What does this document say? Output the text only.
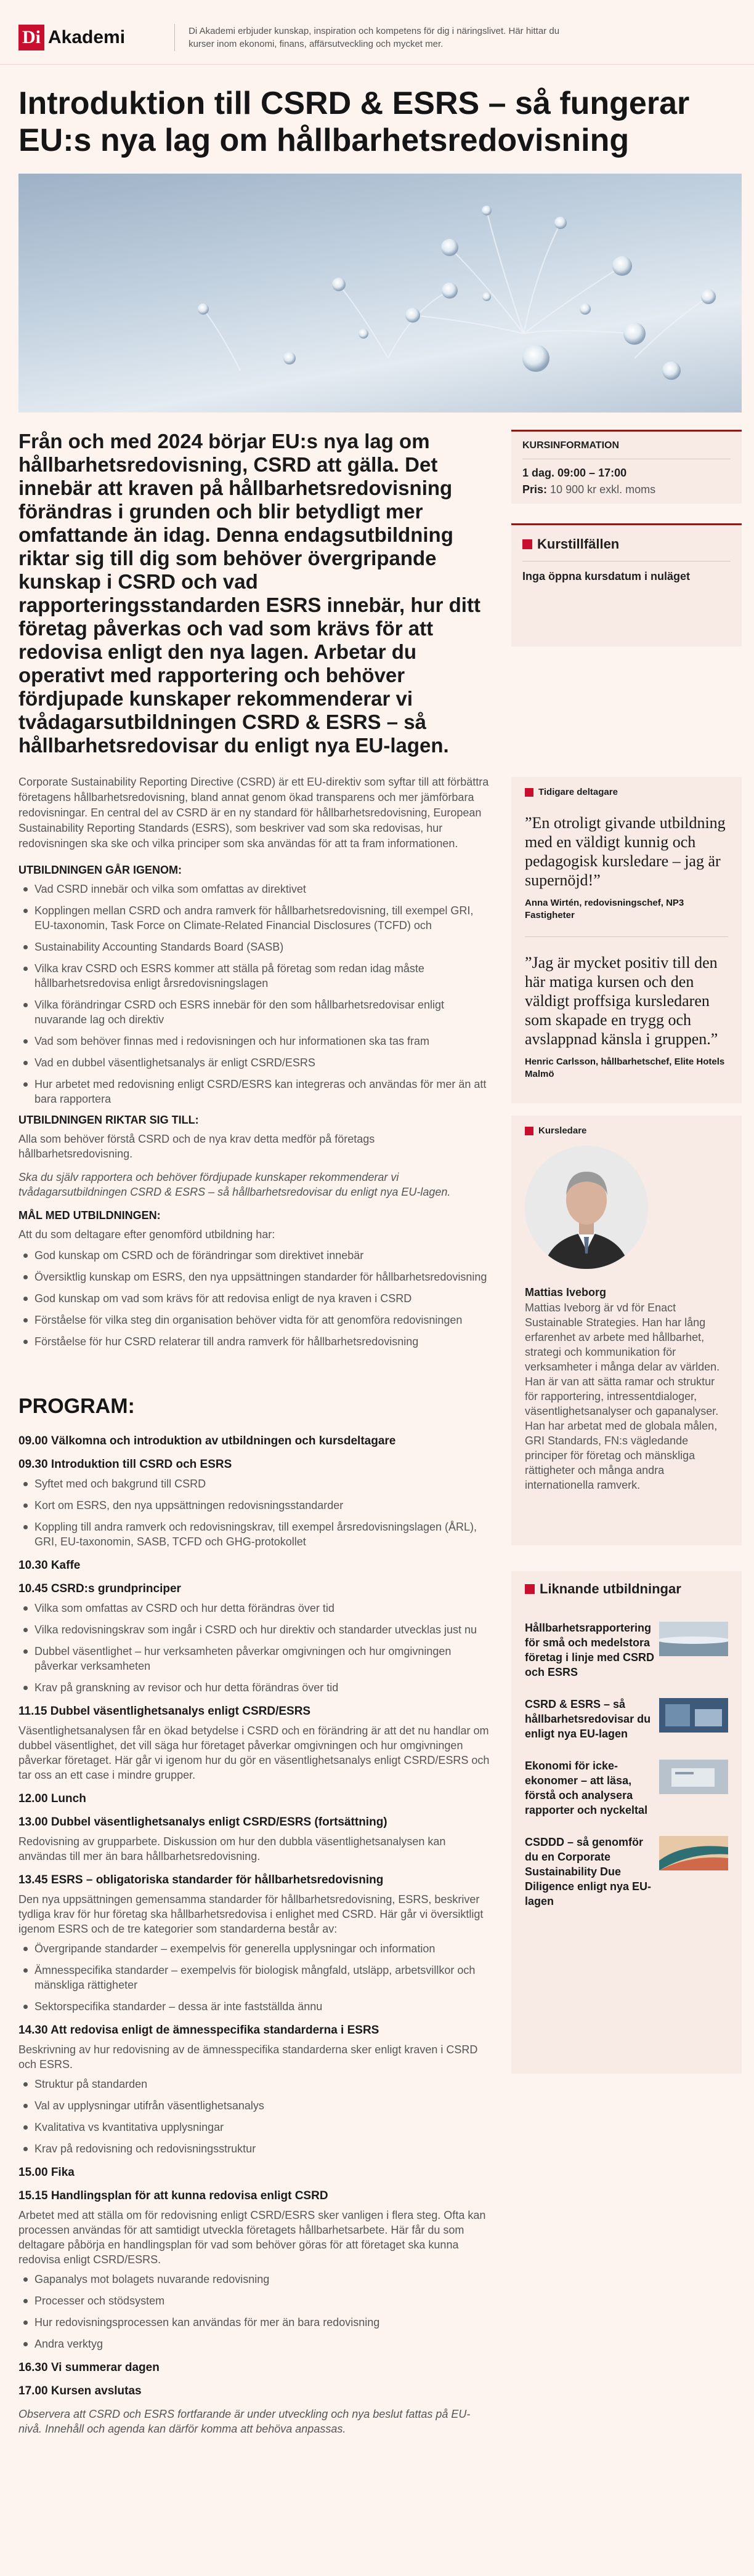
Di Akademi	Di Akademi erbjuder kunskap, inspiration och kompetens för dig i näringslivet. Här hittar du kurser inom ekonomi, finans, affärsutveckling och mycket mer.
Introduktion till CSRD & ESRS – så fungerar EU:s nya lag om hållbarhetsredovisning

Från och med 2024 börjar EU:s nya lag om hållbarhetsredovisning, CSRD att gälla. Det innebär att kraven på hållbarhetsredovisning förändras i grunden och blir betydligt mer omfattande än idag. Denna endagsutbildning riktar sig till dig som behöver övergripande kunskap i CSRD och vad rapporteringsstandarden ESRS innebär, hur ditt företag påverkas och vad som krävs för att redovisa enligt den nya lagen. Arbetar du operativt med rapportering och behöver fördjupade kunskaper rekommenderar vi tvådagarsutbildningen CSRD & ESRS – så hållbarhetsredovisar du enligt nya EU-lagen.

Corporate Sustainability Reporting Directive (CSRD) är ett EU-direktiv som syftar till att förbättra företagens hållbarhetsredovisning, bland annat genom ökad transparens och mer jämförbara redovisningar. En central del av CSRD är en ny standard för hållbarhetsredovisning, European Sustainability Reporting Standards (ESRS), som beskriver vad som ska redovisas, hur redovisningen ska ske och vilka principer som ska användas för att ta fram informationen.

UTBILDNINGEN GÅR IGENOM:
Vad CSRD innebär och vilka som omfattas av direktivet
Kopplingen mellan CSRD och andra ramverk för hållbarhetsredovisning, till exempel GRI, EU-taxonomin, Task Force on Climate-Related Financial Disclosures (TCFD) och
Sustainability Accounting Standards Board (SASB)
Vilka krav CSRD och ESRS kommer att ställa på företag som redan idag måste hållbarhetsredovisa enligt årsredovisningslagen
Vilka förändringar CSRD och ESRS innebär för den som hållbarhetsredovisar enligt nuvarande lag och direktiv
Vad som behöver finnas med i redovisningen och hur informationen ska tas fram
Vad en dubbel väsentlighetsanalys är enligt CSRD/ESRS
Hur arbetet med redovisning enligt CSRD/ESRS kan integreras och användas för mer än att bara rapportera
UTBILDNINGEN RIKTAR SIG TILL:

Alla som behöver förstå CSRD och de nya krav detta medför på företags hållbarhetsredovisning.

Ska du själv rapportera och behöver fördjupade kunskaper rekommenderar vi tvådagarsutbildningen CSRD & ESRS – så hållbarhetsredovisar du enligt nya EU-lagen.

MÅL MED UTBILDNINGEN:

Att du som deltagare efter genomförd utbildning har:

God kunskap om CSRD och de förändringar som direktivet innebär
Översiktlig kunskap om ESRS, den nya uppsättningen standarder för hållbarhetsredovisning
God kunskap om vad som krävs för att redovisa enligt de nya kraven i CSRD
Förståelse för vilka steg din organisation behöver vidta för att genomföra redovisningen
Förståelse för hur CSRD relaterar till andra ramverk för hållbarhetsredovisning
PROGRAM:
09.00 Välkomna och introduktion av utbildningen och kursdeltagare
09.30 Introduktion till CSRD och ESRS
Syftet med och bakgrund till CSRD
Kort om ESRS, den nya uppsättningen redovisningsstandarder
Koppling till andra ramverk och redovisningskrav, till exempel årsredovisningslagen (ÅRL), GRI, EU-taxonomin, SASB, TCFD och GHG-protokollet
10.30 Kaffe
10.45 CSRD:s grundprinciper
Vilka som omfattas av CSRD och hur detta förändras över tid
Vilka redovisningskrav som ingår i CSRD och hur direktiv och standarder utvecklas just nu
Dubbel väsentlighet – hur verksamheten påverkar omgivningen och hur omgivningen påverkar verksamheten
Krav på granskning av revisor och hur detta förändras över tid
11.15 Dubbel väsentlighetsanalys enligt CSRD/ESRS

Väsentlighetsanalysen får en ökad betydelse i CSRD och en förändring är att det nu handlar om dubbel väsentlighet, det vill säga hur företaget påverkar omgivningen och hur omgivningen påverkar företaget. Här går vi igenom hur du gör en väsentlighetsanalys enligt CSRD/ESRS och tar oss an ett case i mindre grupper.

12.00 Lunch
13.00 Dubbel väsentlighetsanalys enligt CSRD/ESRS (fortsättning)

Redovisning av grupparbete. Diskussion om hur den dubbla väsentlighetsanalysen kan användas till mer än bara hållbarhetsredovisning.

13.45 ESRS – obligatoriska standarder för hållbarhetsredovisning

Den nya uppsättningen gemensamma standarder för hållbarhetsredovisning, ESRS, beskriver tydliga krav för hur företag ska hållbarhetsredovisa i enlighet med CSRD. Här går vi översiktligt igenom ESRS och de tre kategorier som standarderna består av:

Övergripande standarder – exempelvis för generella upplysningar och information
Ämnesspecifika standarder – exempelvis för biologisk mångfald, utsläpp, arbetsvillkor och mänskliga rättigheter
Sektorspecifika standarder – dessa är inte fastställda ännu
14.30 Att redovisa enligt de ämnesspecifika standarderna i ESRS

Beskrivning av hur redovisning av de ämnesspecifika standarderna sker enligt kraven i CSRD och ESRS.

Struktur på standarden
Val av upplysningar utifrån väsentlighetsanalys
Kvalitativa vs kvantitativa upplysningar
Krav på redovisning och redovisningsstruktur
15.00 Fika
15.15 Handlingsplan för att kunna redovisa enligt CSRD

Arbetet med att ställa om för redovisning enligt CSRD/ESRS sker vanligen i flera steg. Ofta kan processen användas för att samtidigt utveckla företagets hållbarhetsarbete. Här får du som deltagare påbörja en handlingsplan för vad som behöver göras för att företaget ska kunna redovisa enligt CSRD/ESRS.

Gapanalys mot bolagets nuvarande redovisning
Processer och stödsystem
Hur redovisningsprocessen kan användas för mer än bara redovisning
Andra verktyg
16.30 Vi summerar dagen
17.00 Kursen avslutas

Observera att CSRD och ESRS fortfarande är under utveckling och nya beslut fattas på EU-nivå. Innehåll och agenda kan därför komma att behöva anpassas.

KURSINFORMATION
1 dag. 09:00 – 17:00
Pris: 10 900 kr exkl. moms
Kurstillfällen
Inga öppna kursdatum i nuläget
Tidigare deltagare
”En otroligt givande utbildning med en väldigt kunnig och pedagogisk kursledare – jag är supernöjd!”
Anna Wirtén, redovisningschef, NP3 Fastigheter
”Jag är mycket positiv till den här matiga kursen och den väldigt proffsiga kursledaren som skapade en trygg och avslappnad känsla i gruppen.”
Henric Carlsson, hållbarhetschef, Elite Hotels Malmö
Kursledare
Mattias Iveborg
Mattias Iveborg är vd för Enact Sustainable Strategies. Han har lång erfarenhet av arbete med hållbarhet, strategi och kommunikation för verksamheter i många delar av världen. Han är van att sätta ramar och struktur för rapportering, intressentdialoger, väsentlighetsanalyser och gapanalyser. Han har arbetat med de globala målen, GRI Standards, FN:s vägledande principer för företag och mänskliga rättigheter och många andra internationella ramverk.
Liknande utbildningar
Hållbarhetsrapportering för små och medelstora företag i linje med CSRD och ESRS
CSRD & ESRS – så hållbarhetsredovisar du enligt nya EU-lagen
Ekonomi för icke-ekonomer – att läsa, förstå och analysera rapporter och nyckeltal
CSDDD – så genomför du en Corporate Sustainability Due Diligence enligt nya EU-lagen
